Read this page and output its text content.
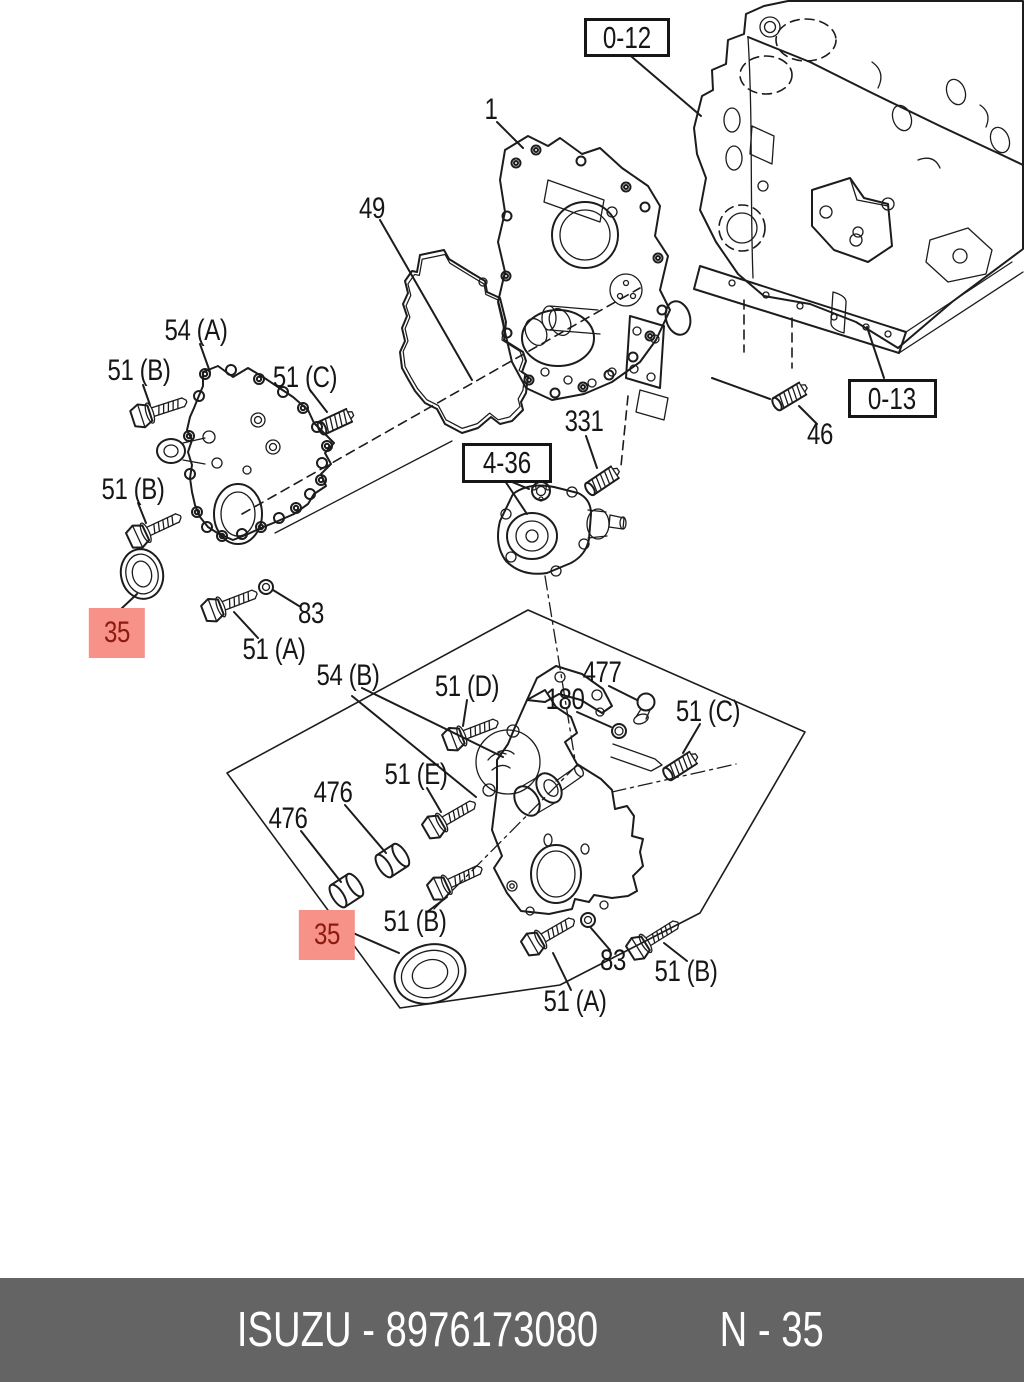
1
49
54 (A)
51 (B)	51 (C)
51 (B)
35
83
51 (A)
331	46
477
54 (B) 51 (D) 180	51 (C)
51 (E)
476
476
51 (B)
35
83 51 (B)
51 (A)
0-12
4-36
0-13
ISUZU - 8976173080 N - 35
